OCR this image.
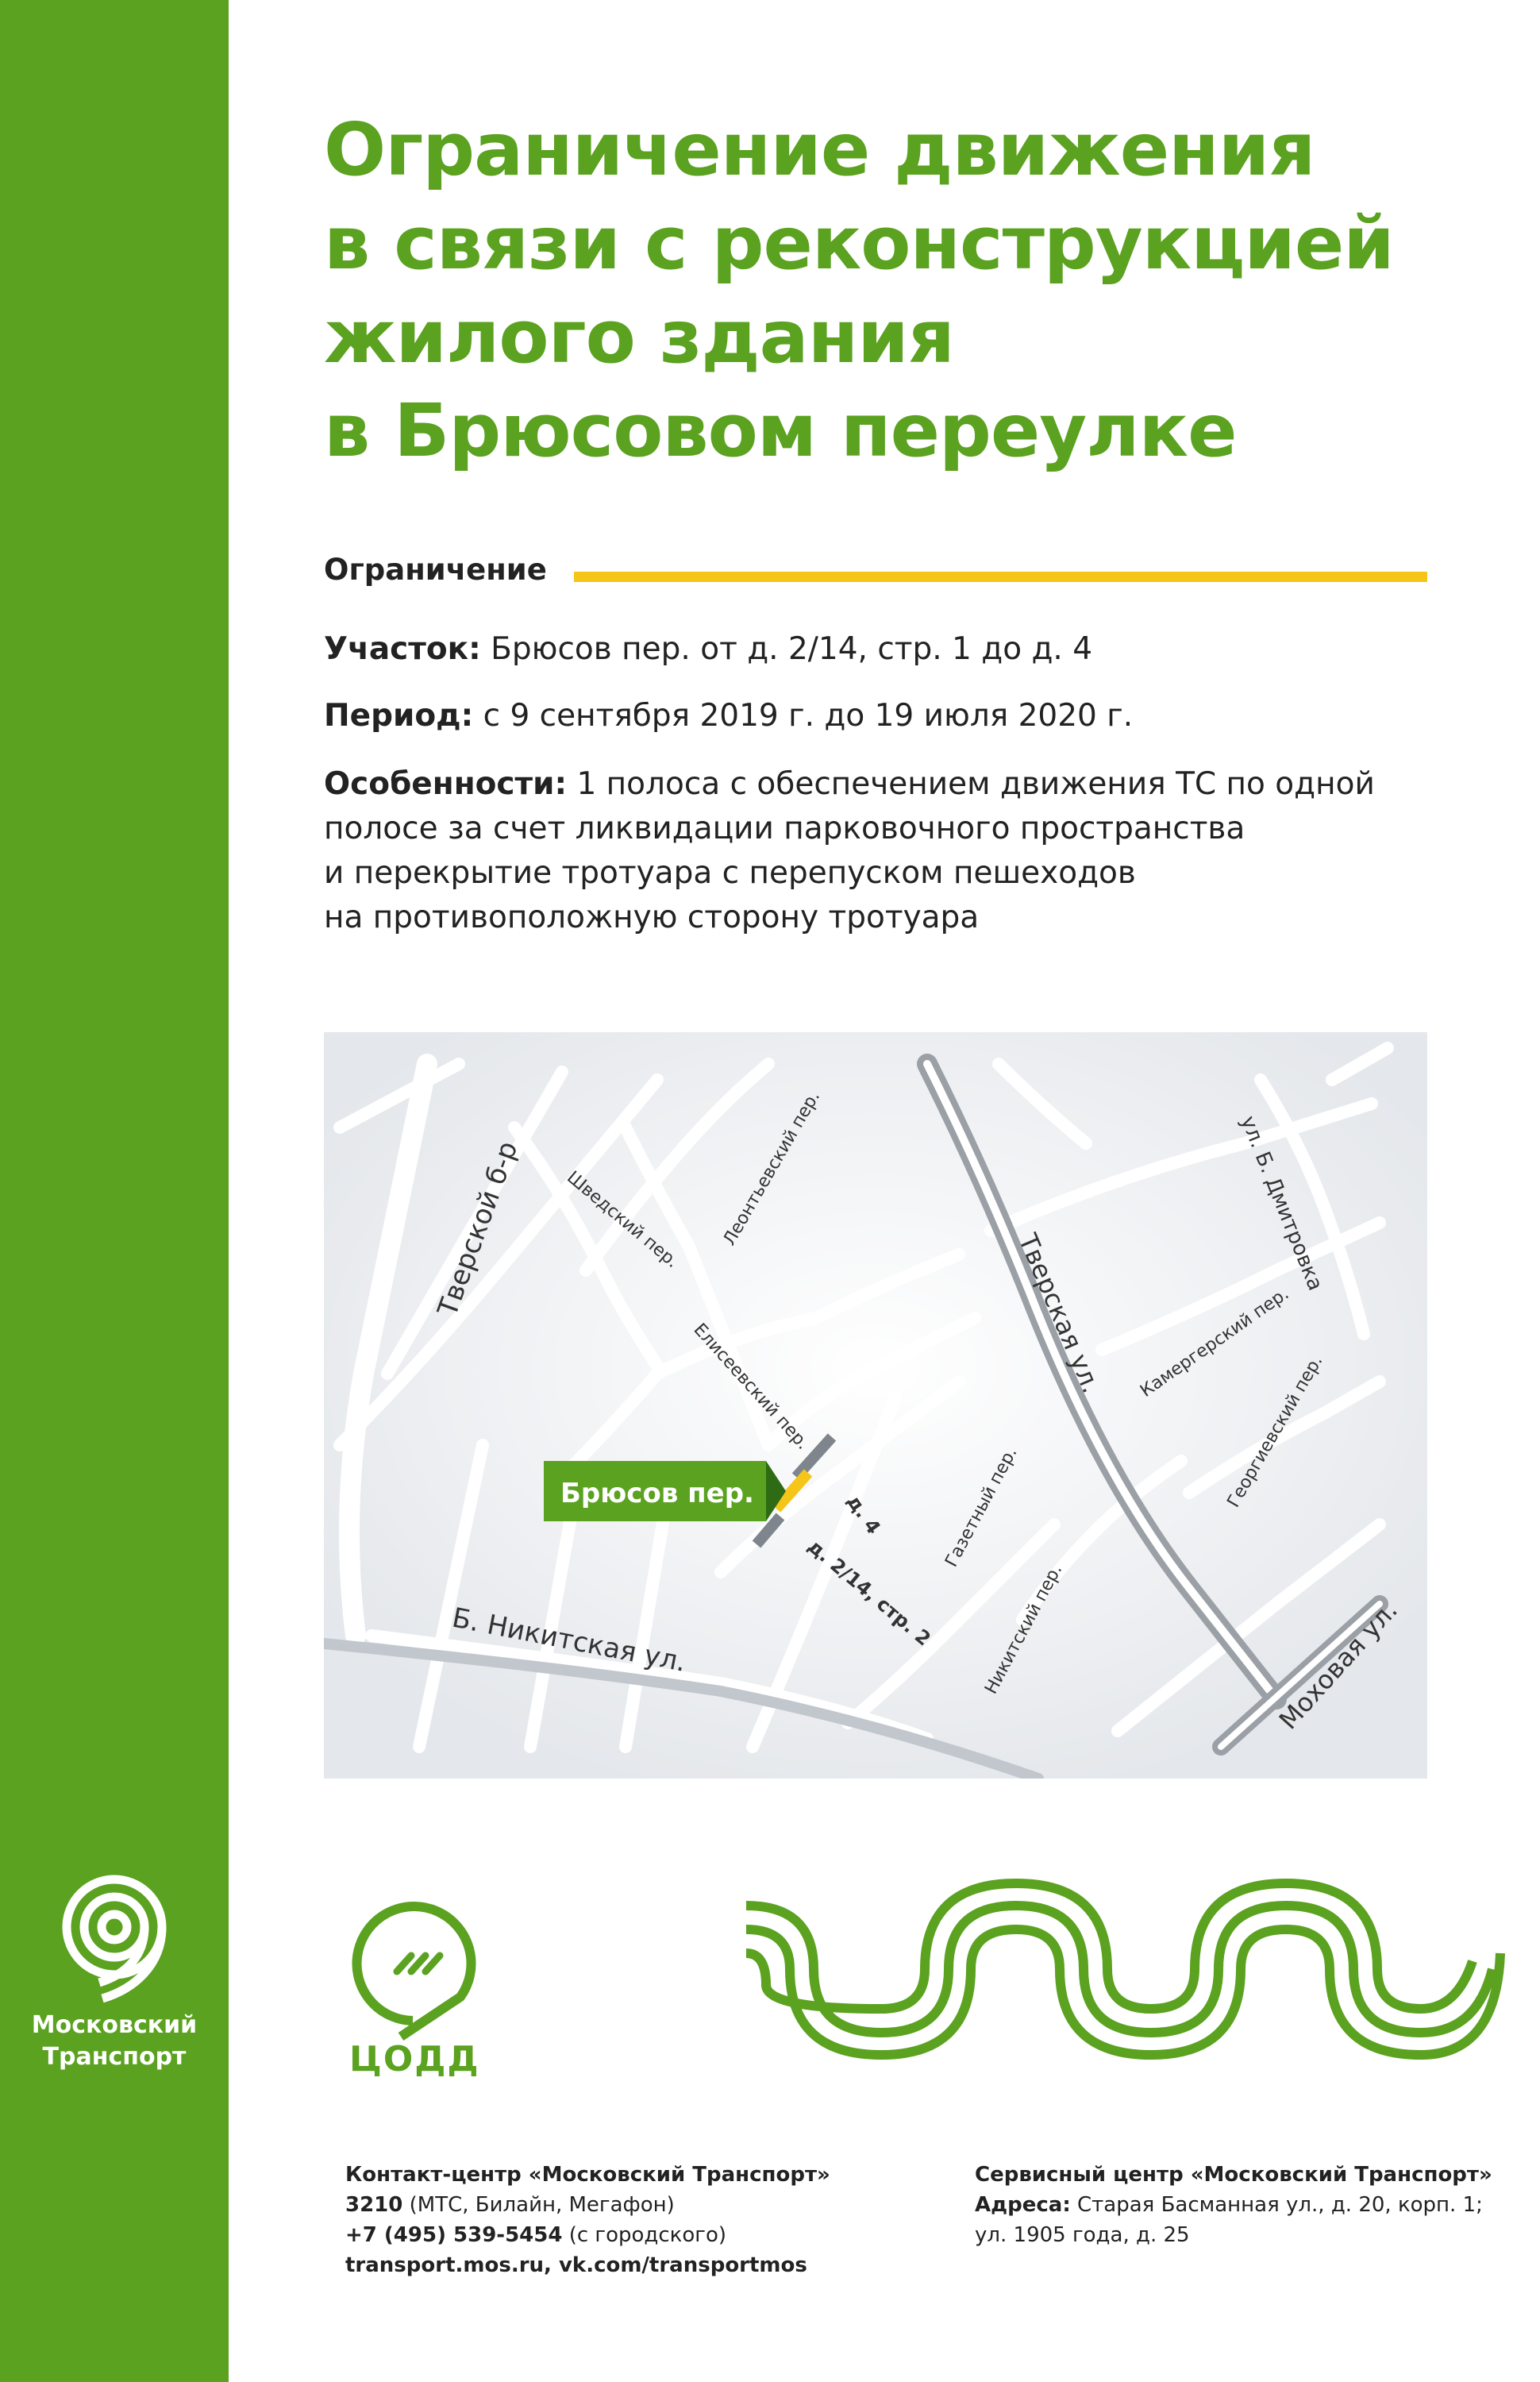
Московский
Транспорт
Ограничение движения
в связи с реконструкцией
жилого здания
в Брюсовом переулке
Ограничение
Участок: Брюсов пер. от д. 2/14, стр. 1 до д. 4
Период: с 9 сентября 2019 г. до 19 июля 2020 г.
Особенности: 1 полоса с обеспечением движения ТС по одной
полосе за счет ликвидации парковочного пространства
и перекрытие тротуара с перепуском пешеходов
на противоположную сторону тротуара
Тверской б-р Шведский пер. Леонтьевский пер.
Тверская ул.
ул. Б. Дмитровка
Камергерский пер.
Елисеевский пер.	Георгиевский пер.
Газетный пер.
Никитский пер.
Б. Никитская ул.	Моховая ул.
д. 4
д. 2/14, стр. 2
Брюсов пер.
ЦОДД
Контакт-центр «Московский Транспорт»
3210 (МТС, Билайн, Мегафон)
+7 (495) 539-5454 (с городского)
transport.mos.ru, vk.com/transportmos
Сервисный центр «Московский Транспорт»
Адреса: Старая Басманная ул., д. 20, корп. 1;
ул. 1905 года, д. 25
